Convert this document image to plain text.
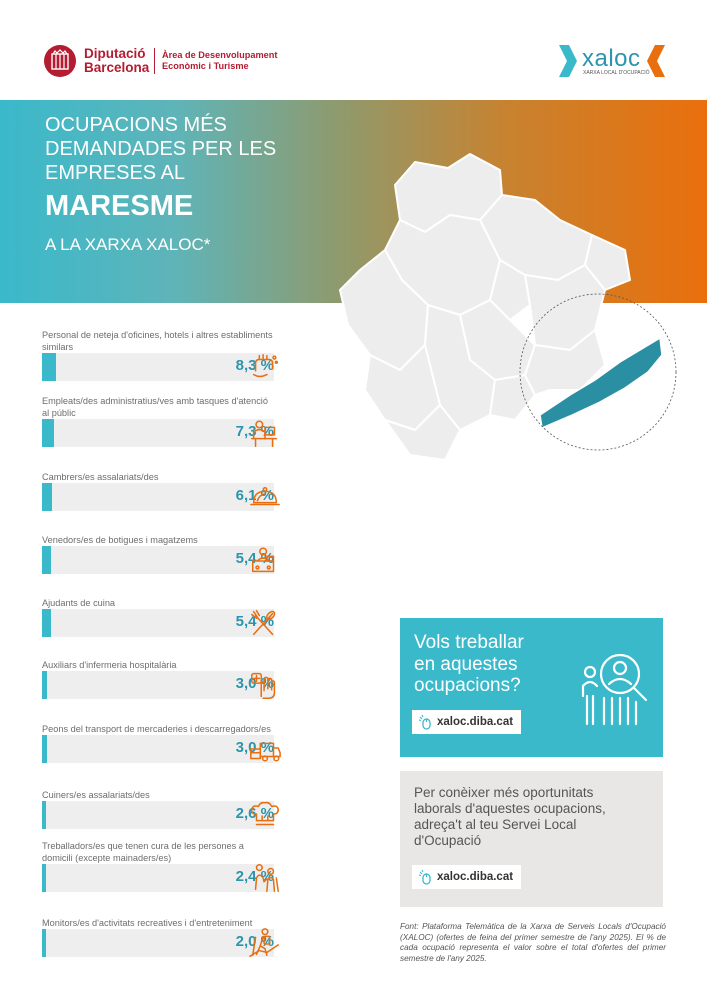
Diputació
Barcelona
Àrea de Desenvolupament
Econòmic i Turisme	xaloc
XARXA LOCAL D'OCUPACIÓ
OCUPACIONS MÉS
DEMANDADES PER LES
EMPRESES AL
MARESME
A LA XARXA XALOC*
Personal de neteja d'oficines, hotels i altres establiments similars
8,3 %
Empleats/des administratius/ves amb tasques d'atenció al públic
7,3 %
Cambrers/es assalariats/des
6,1 %
Venedors/es de botigues i magatzems
5,4 %
Ajudants de cuina
5,4 %
Auxiliars d'infermeria hospitalària
3,0 %
Peons del transport de mercaderies i descarregadors/es
3,0 %
Cuiners/es assalariats/des
2,6 %
Treballadors/es que tenen cura de les persones a domicili (excepte mainaders/es)
2,4 %
Monitors/es d'activitats recreatives i d'entreteniment
2,0 %
Vols treballar
en aquestes
ocupacions?
xaloc.diba.cat
Per conèixer més oportunitats
laborals d'aquestes ocupacions,
adreça't al teu Servei Local
d'Ocupació
xaloc.diba.cat
Font: Plataforma Telemàtica de la Xarxa de Serveis Locals d'Ocupació (XALOC) (ofertes de feina del primer semestre de l'any 2025). El % de cada ocupació representa el valor sobre el total d'ofertes del primer semestre de l'any 2025.
